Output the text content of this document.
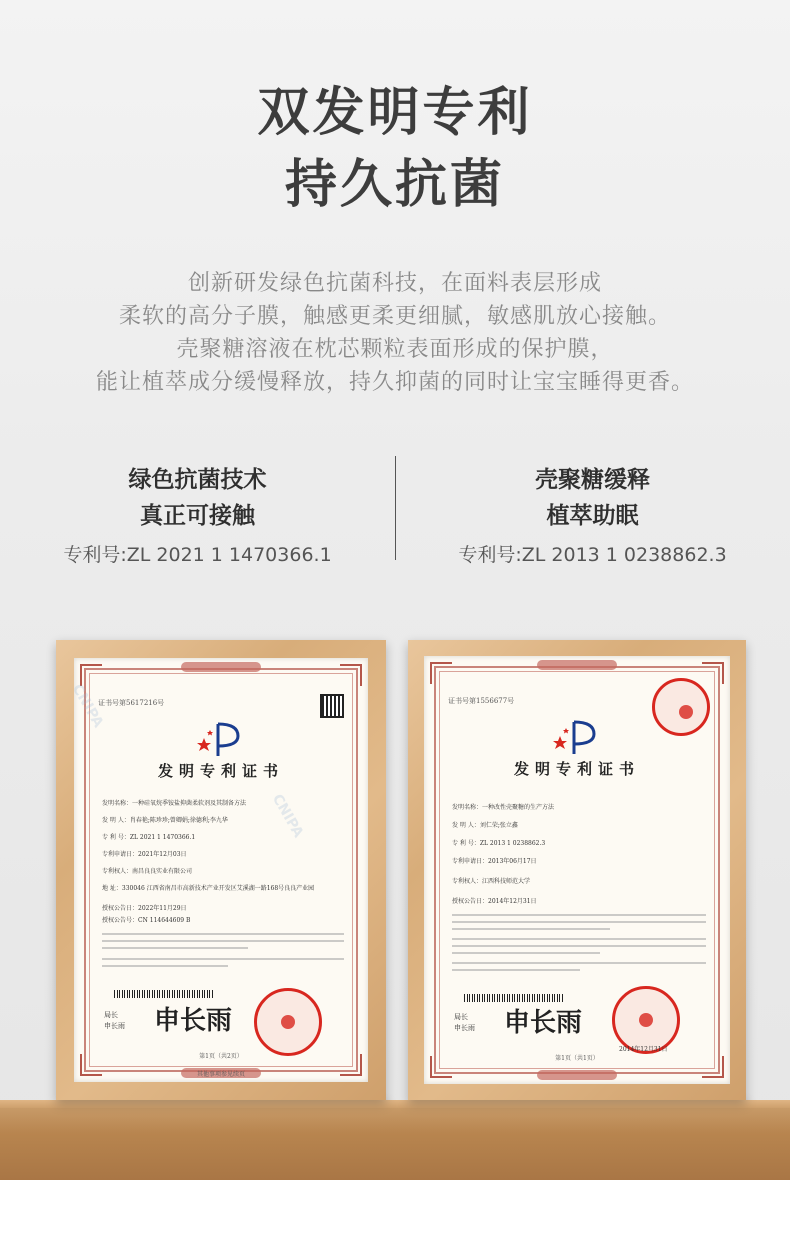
双发明专利
持久抗菌

创新研发绿色抗菌科技，在面料表层形成

柔软的高分子膜，触感更柔更细腻，敏感肌放心接触。

壳聚糖溶液在枕芯颗粒表面形成的保护膜，

能让植萃成分缓慢释放，持久抑菌的同时让宝宝睡得更香。

绿色抗菌技术
真正可接触
专利号:ZL 2021 1 1470366.1
壳聚糖缓释
植萃助眠
专利号:ZL 2013 1 0238862.3
CNIPA
CNIPA
证书号第5617216号
发明专利证书
发明名称：一种硅氧烷季铵盐抑菌柔软剂及其制备方法
发 明 人：肖春艳;陈珍珍;曾卿娟;徐德利;李九华
专 利 号：ZL 2021 1 1470366.1
专利申请日：2021年12月03日
专利权人：南昌良良实业有限公司
地 址：330046 江西省南昌市高新技术产业开发区艾溪湖一路168号良良产业园
授权公告日：2022年11月29日
授权公告号：CN 114644609 B
局长
申长雨 申长雨
第1页（共2页）
其他事项参见续页
证书号第1556677号
发明专利证书
发明名称：一种改性壳聚糖的生产方法
发 明 人：刘仁荣;张立鑫
专 利 号：ZL 2013 1 0238862.3
专利申请日：2013年06月17日
专利权人：江西科技师范大学
授权公告日：2014年12月31日
局长
申长雨 申长雨
2014年12月31日
第1页（共1页）
